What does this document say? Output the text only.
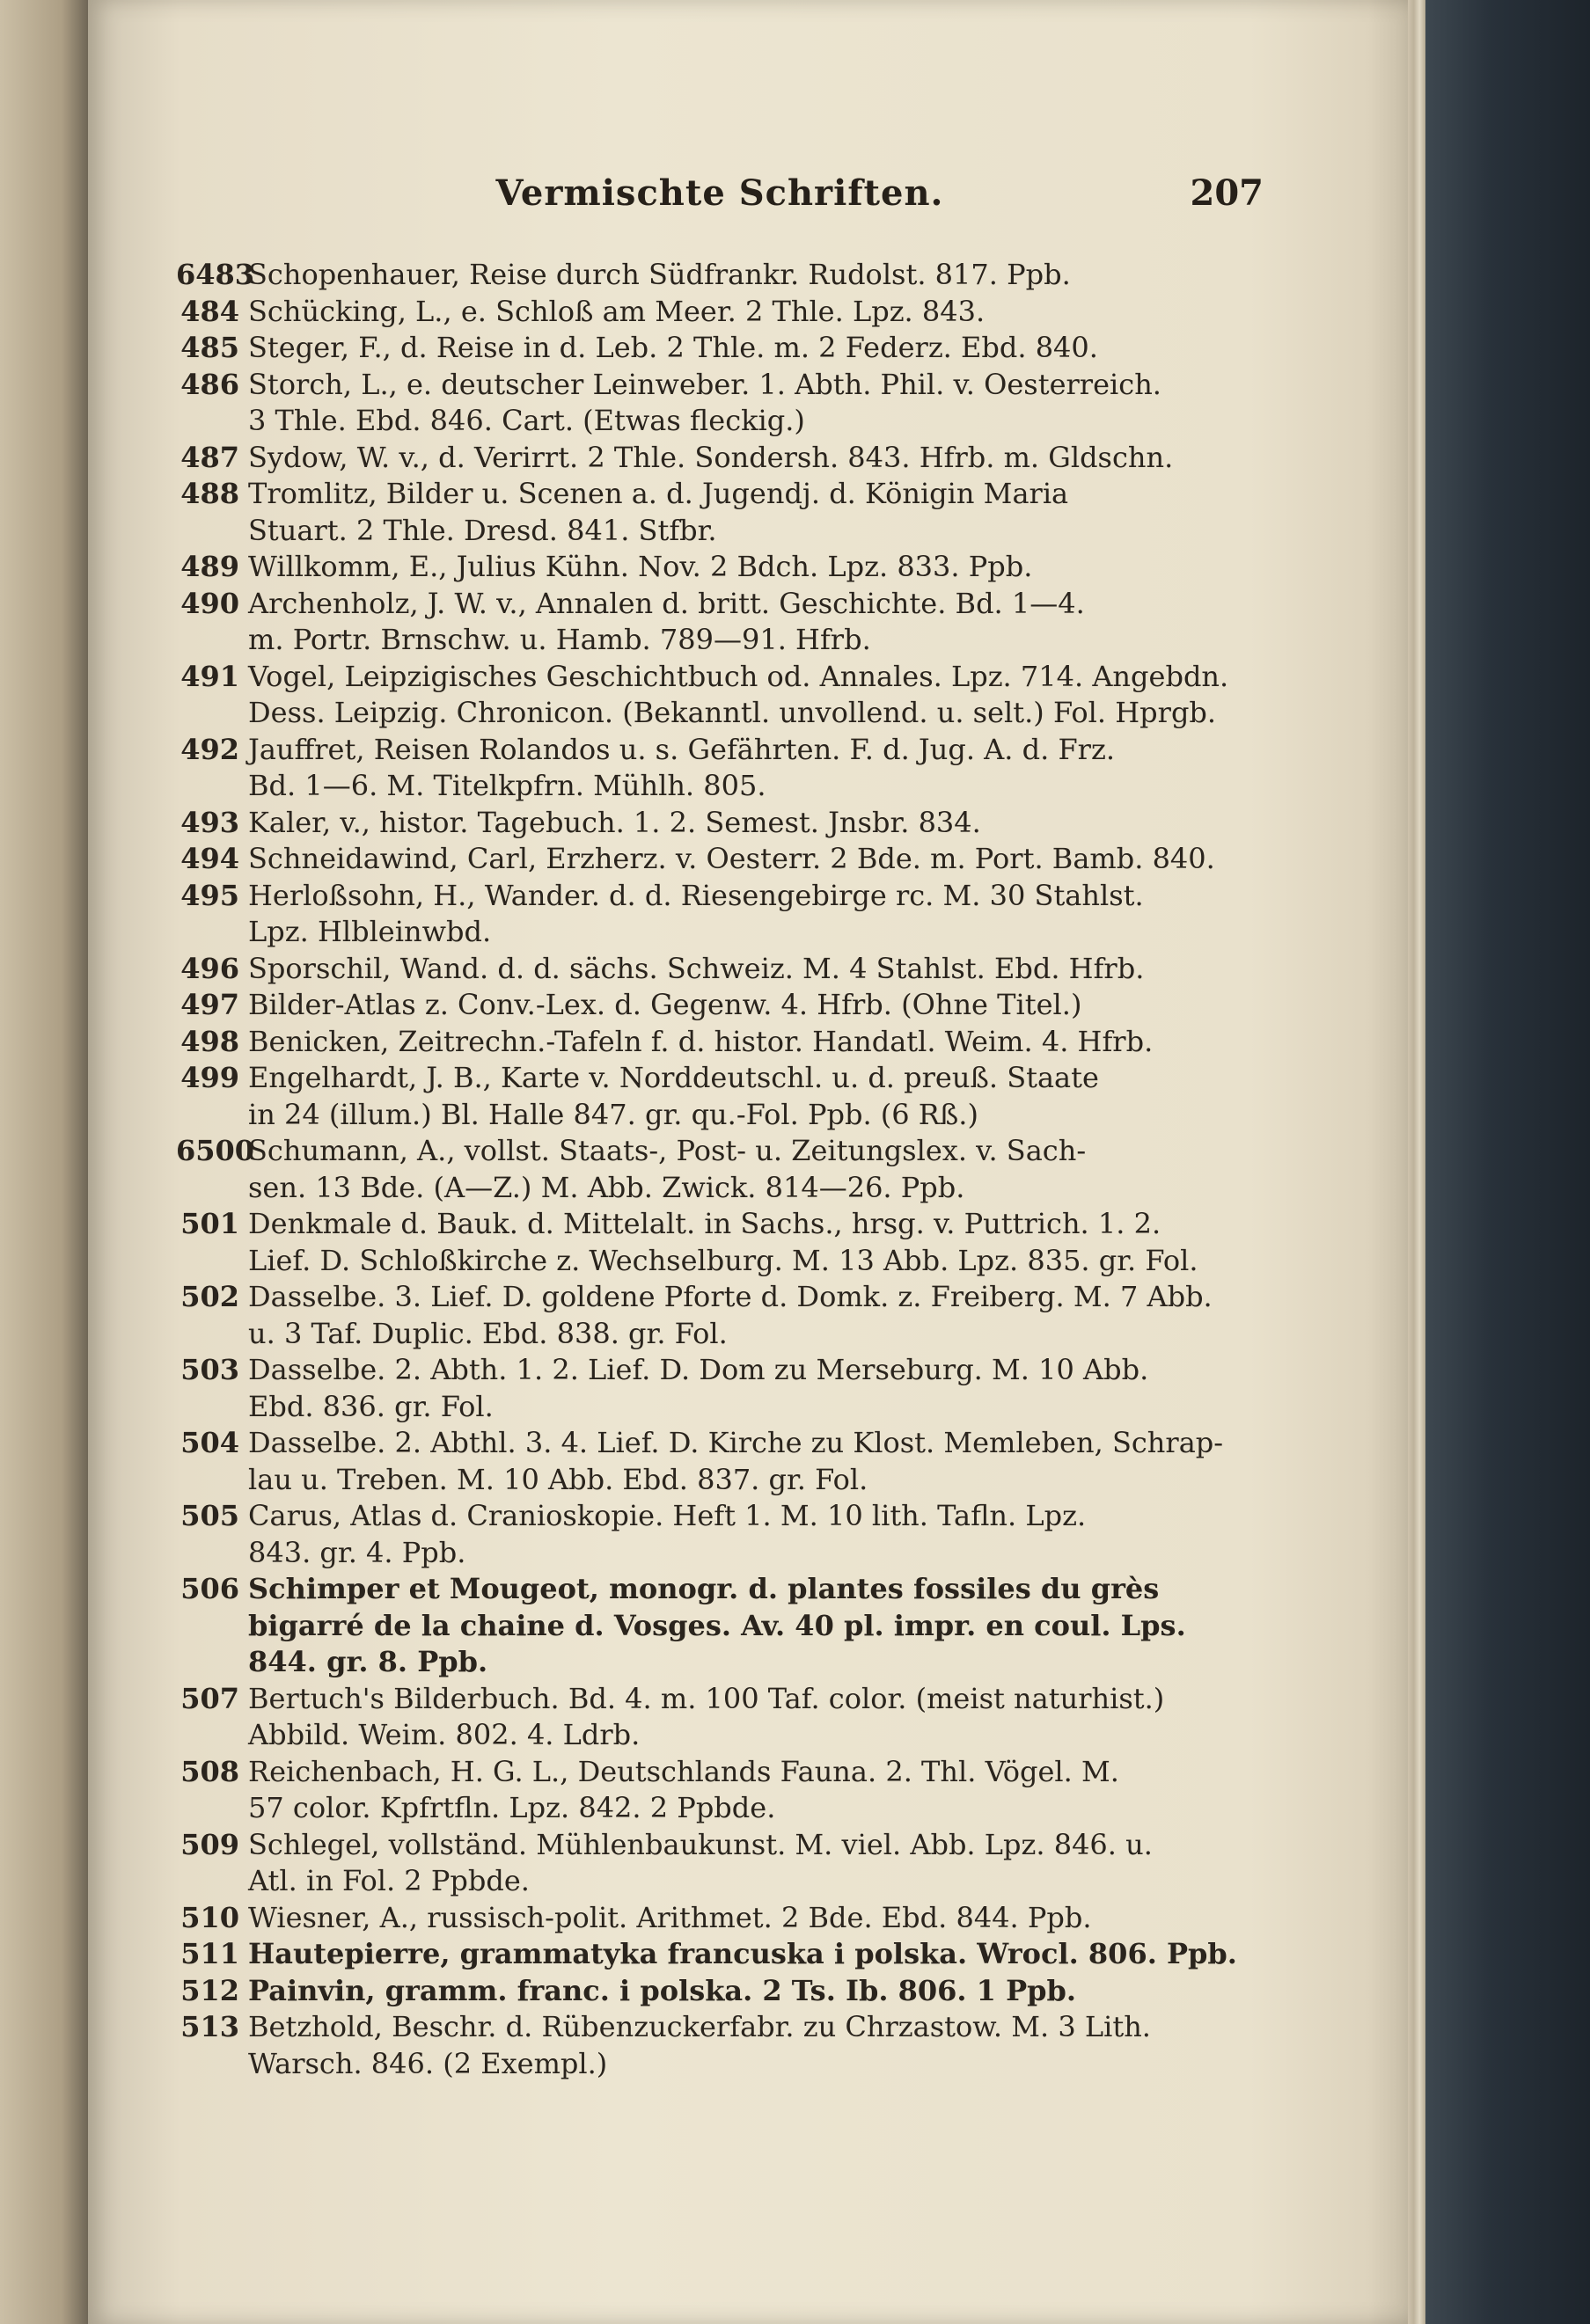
Vermischte Schriften.	207
6483
Schopenhauer, Reise durch Südfrankr. Rudolst. 817. Ppb.
484 Schücking, L., e. Schloß am Meer. 2 Thle. Lpz. 843.
485 Steger, F., d. Reise in d. Leb. 2 Thle. m. 2 Federz. Ebd. 840.
486 Storch, L., e. deutscher Leinweber. 1. Abth. Phil. v. Oesterreich.
3 Thle. Ebd. 846. Cart. (Etwas fleckig.)
487 Sydow, W. v., d. Verirrt. 2 Thle. Sondersh. 843. Hfrb. m. Gldschn.
488 Tromlitz, Bilder u. Scenen a. d. Jugendj. d. Königin Maria
Stuart. 2 Thle. Dresd. 841. Stfbr.
489 Willkomm, E., Julius Kühn. Nov. 2 Bdch. Lpz. 833. Ppb.
490 Archenholz, J. W. v., Annalen d. britt. Geschichte. Bd. 1—4.
m. Portr. Brnschw. u. Hamb. 789—91. Hfrb.
491 Vogel, Leipzigisches Geschichtbuch od. Annales. Lpz. 714. Angebdn.
Dess. Leipzig. Chronicon. (Bekanntl. unvollend. u. selt.) Fol. Hprgb.
492 Jauffret, Reisen Rolandos u. s. Gefährten. F. d. Jug. A. d. Frz.
Bd. 1—6. M. Titelkpfrn. Mühlh. 805.
493 Kaler, v., histor. Tagebuch. 1. 2. Semest. Jnsbr. 834.
494 Schneidawind, Carl, Erzherz. v. Oesterr. 2 Bde. m. Port. Bamb. 840.
495 Herloßsohn, H., Wander. d. d. Riesengebirge rc. M. 30 Stahlst.
Lpz. Hlbleinwbd.
496 Sporschil, Wand. d. d. sächs. Schweiz. M. 4 Stahlst. Ebd. Hfrb.
497 Bilder-Atlas z. Conv.-Lex. d. Gegenw. 4. Hfrb. (Ohne Titel.)
498 Benicken, Zeitrechn.-Tafeln f. d. histor. Handatl. Weim. 4. Hfrb.
499 Engelhardt, J. B., Karte v. Norddeutschl. u. d. preuß. Staate
in 24 (illum.) Bl. Halle 847. gr. qu.-Fol. Ppb. (6 Rß.)
6500
Schumann, A., vollst. Staats-, Post- u. Zeitungslex. v. Sach-
sen. 13 Bde. (A—Z.) M. Abb. Zwick. 814—26. Ppb.
501 Denkmale d. Bauk. d. Mittelalt. in Sachs., hrsg. v. Puttrich. 1. 2.
Lief. D. Schloßkirche z. Wechselburg. M. 13 Abb. Lpz. 835. gr. Fol.
502 Dasselbe. 3. Lief. D. goldene Pforte d. Domk. z. Freiberg. M. 7 Abb.
u. 3 Taf. Duplic. Ebd. 838. gr. Fol.
503 Dasselbe. 2. Abth. 1. 2. Lief. D. Dom zu Merseburg. M. 10 Abb.
Ebd. 836. gr. Fol.
504 Dasselbe. 2. Abthl. 3. 4. Lief. D. Kirche zu Klost. Memleben, Schrap-
lau u. Treben. M. 10 Abb. Ebd. 837. gr. Fol.
505 Carus, Atlas d. Cranioskopie. Heft 1. M. 10 lith. Tafln. Lpz.
843. gr. 4. Ppb.
506 Schimper et Mougeot, monogr. d. plantes fossiles du grès
bigarré de la chaine d. Vosges. Av. 40 pl. impr. en coul. Lps.
844. gr. 8. Ppb.
507 Bertuch's Bilderbuch. Bd. 4. m. 100 Taf. color. (meist naturhist.)
Abbild. Weim. 802. 4. Ldrb.
508 Reichenbach, H. G. L., Deutschlands Fauna. 2. Thl. Vögel. M.
57 color. Kpfrtfln. Lpz. 842. 2 Ppbde.
509 Schlegel, vollständ. Mühlenbaukunst. M. viel. Abb. Lpz. 846. u.
Atl. in Fol. 2 Ppbde.
510 Wiesner, A., russisch-polit. Arithmet. 2 Bde. Ebd. 844. Ppb.
511 Hautepierre, grammatyka francuska i polska. Wrocl. 806. Ppb.
512 Painvin, gramm. franc. i polska. 2 Ts. Ib. 806. 1 Ppb.
513 Betzhold, Beschr. d. Rübenzuckerfabr. zu Chrzastow. M. 3 Lith.
Warsch. 846. (2 Exempl.)
